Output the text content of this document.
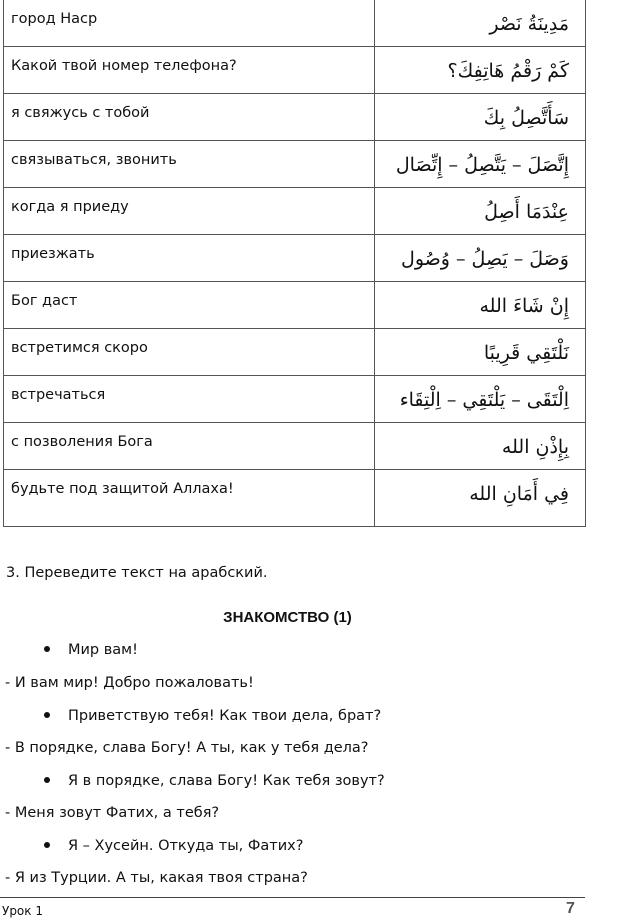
город Наср	مَدِينَةُ نَصْر

Какой твой номер телефона?	كَمْ رَقْمُ هَاتِفِكَ؟

я свяжусь с тобой	سَأَتَّصِلُ بِكَ

связываться, звонить	إِتَّصَلَ – يَتَّصِلُ – إِتِّصَال

когда я приеду	عِنْدَمَا أَصِلُ

приезжать	وَصَلَ – يَصِلُ – وُصُول

Бог даст	إِنْ شَاءَ الله

встретимся скоро	نَلْتَقِي قَرِيبًا

встречаться	اِلْتَقَى – يَلْتَقِي – اِلْتِقَاء

с позволения Бога	بِإِذْنِ الله

будьте под защитой Аллаха!	فِي أَمَانِ الله
3. Переведите текст на арабский.
ЗНАКОМСТВО (1)
Мир вам!
- И вам мир! Добро пожаловать!
Приветствую тебя! Как твои дела, брат?
- В порядке, слава Богу! А ты, как у тебя дела?
Я в порядке, слава Богу! Как тебя зовут?
- Меня зовут Фатих, а тебя?
Я – Хусейн. Откуда ты, Фатих?
- Я из Турции. А ты, какая твоя страна?
Урок 1	7
